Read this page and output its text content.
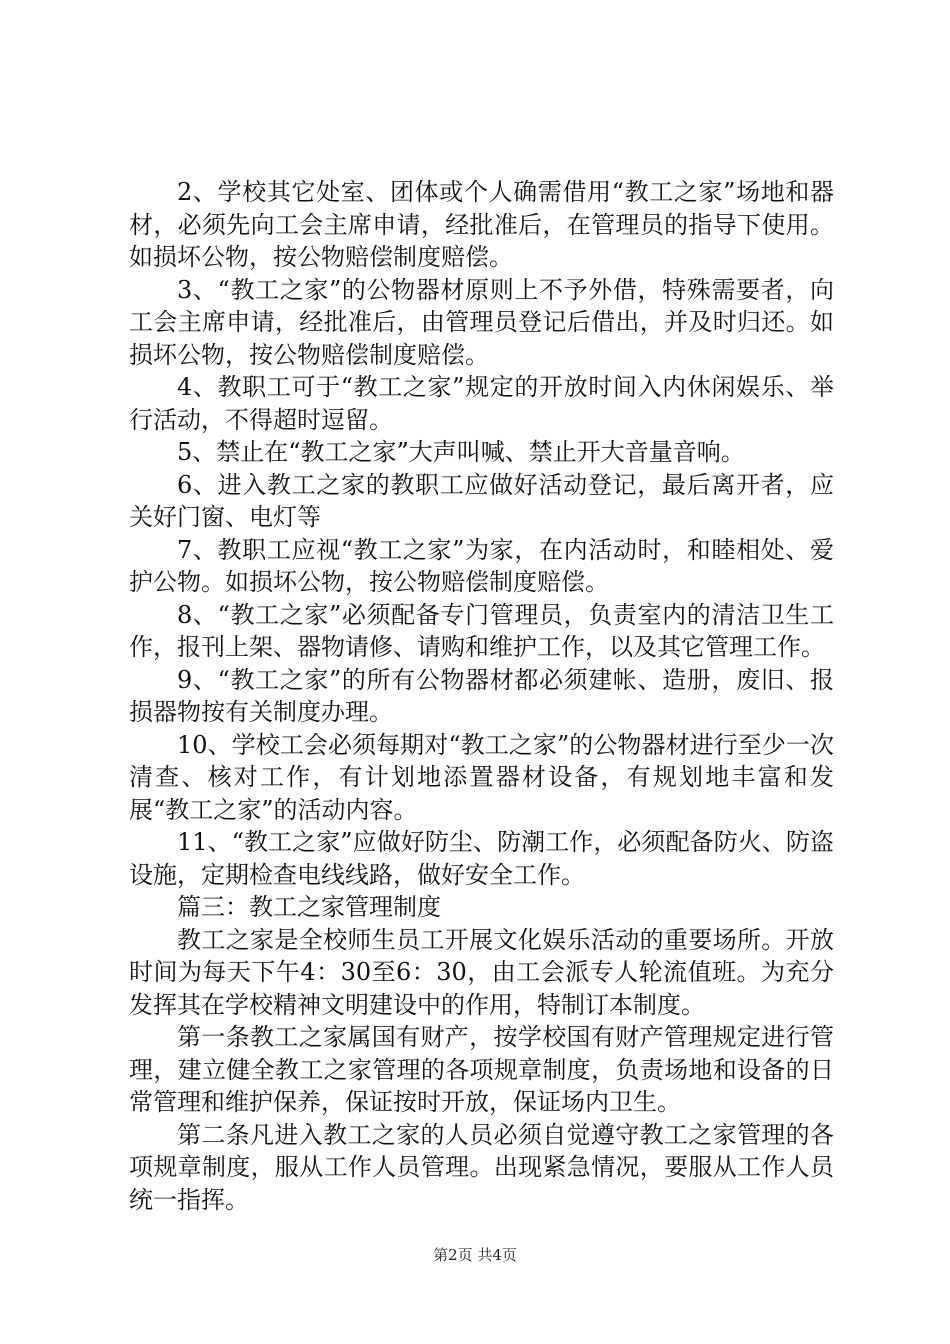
2、学校其它处室、团体或个人确需借用“教工之家”场地和器材，必须先向工会主席申请，经批准后，在管理员的指导下使用。如损坏公物，按公物赔偿制度赔偿。

3、“教工之家”的公物器材原则上不予外借，特殊需要者，向工会主席申请，经批准后，由管理员登记后借出，并及时归还。如损坏公物，按公物赔偿制度赔偿。

4、教职工可于“教工之家”规定的开放时间入内休闲娱乐、举行活动，不得超时逗留。

5、禁止在“教工之家”大声叫喊、禁止开大音量音响。

6、进入教工之家的教职工应做好活动登记，最后离开者，应关好门窗、电灯等

7、教职工应视“教工之家”为家，在内活动时，和睦相处、爱护公物。如损坏公物，按公物赔偿制度赔偿。

8、“教工之家”必须配备专门管理员，负责室内的清洁卫生工作，报刊上架、器物请修、请购和维护工作，以及其它管理工作。

9、“教工之家”的所有公物器材都必须建帐、造册，废旧、报损器物按有关制度办理。

10、学校工会必须每期对“教工之家”的公物器材进行至少一次清查、核对工作，有计划地添置器材设备，有规划地丰富和发展“教工之家”的活动内容。

11、“教工之家”应做好防尘、防潮工作，必须配备防火、防盗设施，定期检查电线线路，做好安全工作。

篇三：教工之家管理制度

教工之家是全校师生员工开展文化娱乐活动的重要场所。开放时间为每天下午4：30至6：30，由工会派专人轮流值班。为充分发挥其在学校精神文明建设中的作用，特制订本制度。

第一条教工之家属国有财产，按学校国有财产管理规定进行管理，建立健全教工之家管理的各项规章制度，负责场地和设备的日常管理和维护保养，保证按时开放，保证场内卫生。

第二条凡进入教工之家的人员必须自觉遵守教工之家管理的各项规章制度，服从工作人员管理。出现紧急情况，要服从工作人员统一指挥。

第2页 共4页
